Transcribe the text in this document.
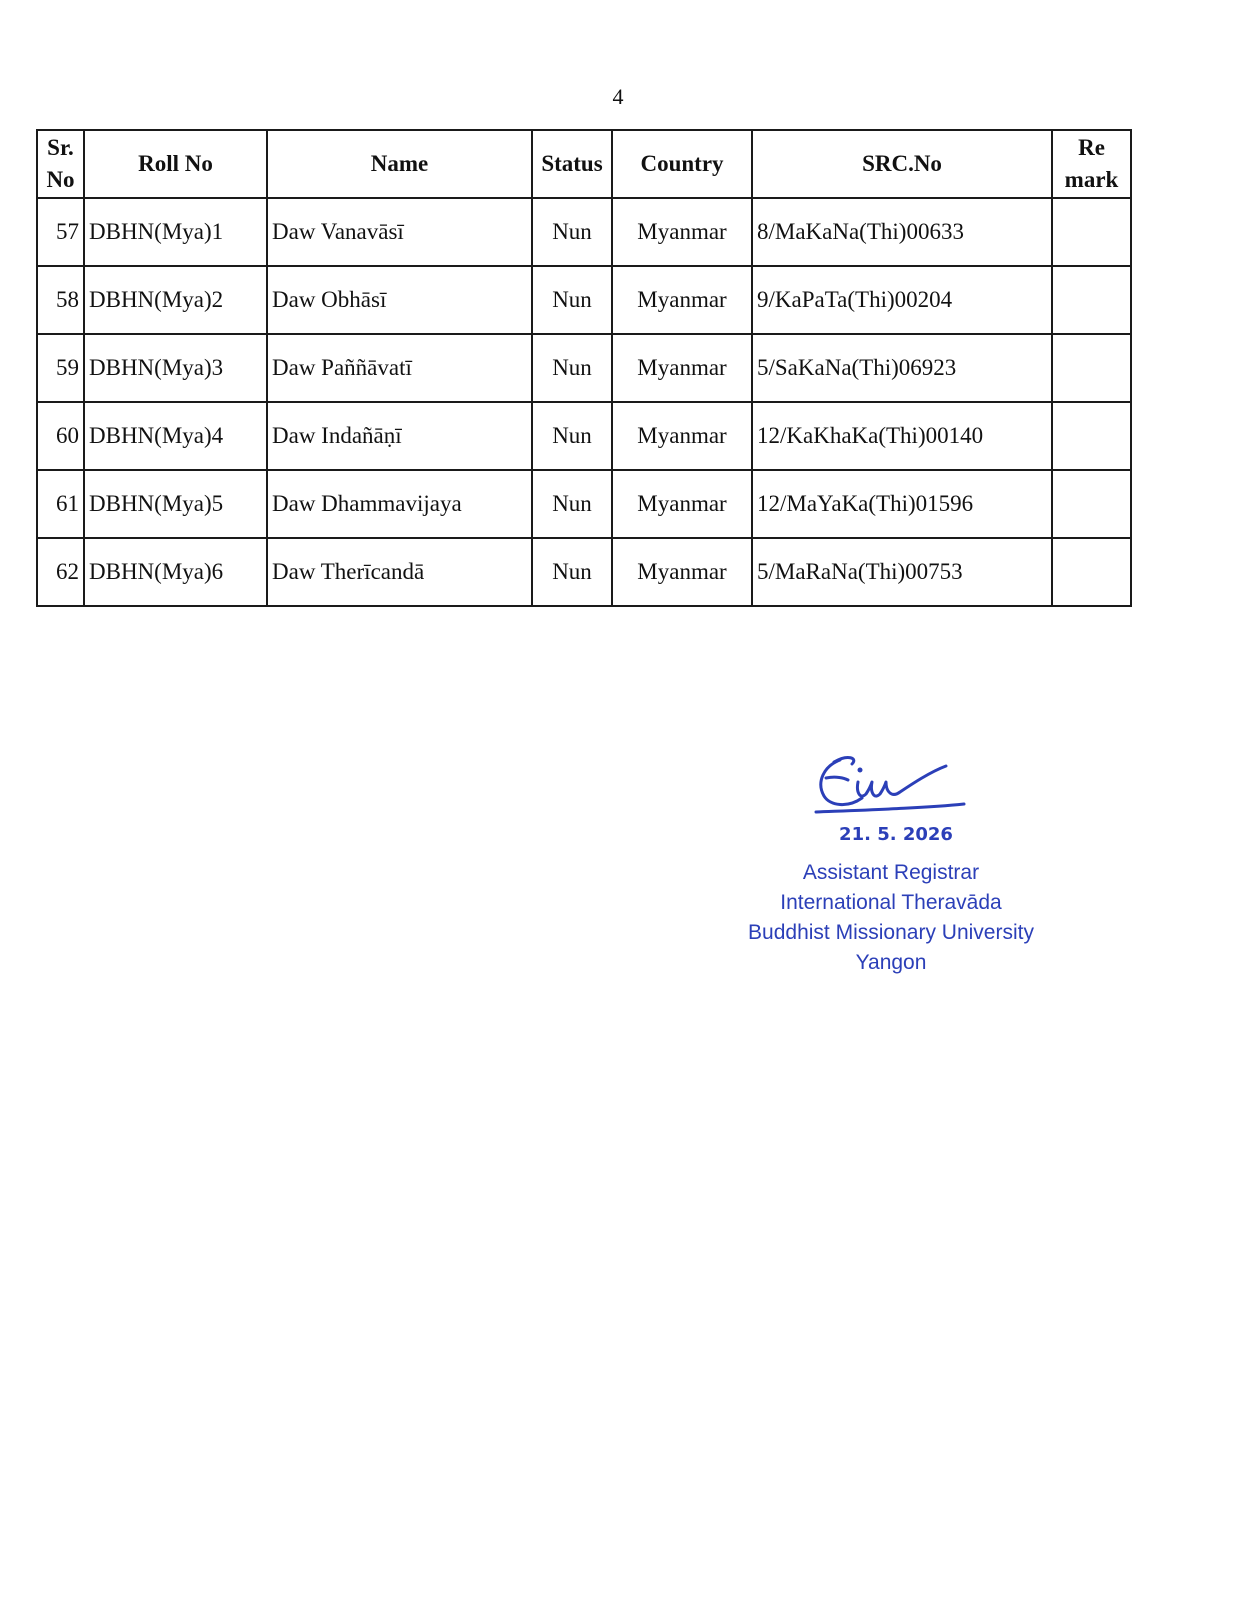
4
Sr.
No	Roll No	Name	Status	Country	SRC.No	Re
mark
57	DBHN(Mya)1	Daw Vanavāsī	Nun	Myanmar	8/MaKaNa(Thi)00633	
58	DBHN(Mya)2	Daw Obhāsī	Nun	Myanmar	9/KaPaTa(Thi)00204	
59	DBHN(Mya)3	Daw Paññāvatī	Nun	Myanmar	5/SaKaNa(Thi)06923	
60	DBHN(Mya)4	Daw Indañāṇī	Nun	Myanmar	12/KaKhaKa(Thi)00140	
61	DBHN(Mya)5	Daw Dhammavijaya	Nun	Myanmar	12/MaYaKa(Thi)01596	
62	DBHN(Mya)6	Daw Therīcandā	Nun	Myanmar	5/MaRaNa(Thi)00753	
21. 5. 2026
Assistant Registrar
International Theravāda
Buddhist Missionary University
Yangon
